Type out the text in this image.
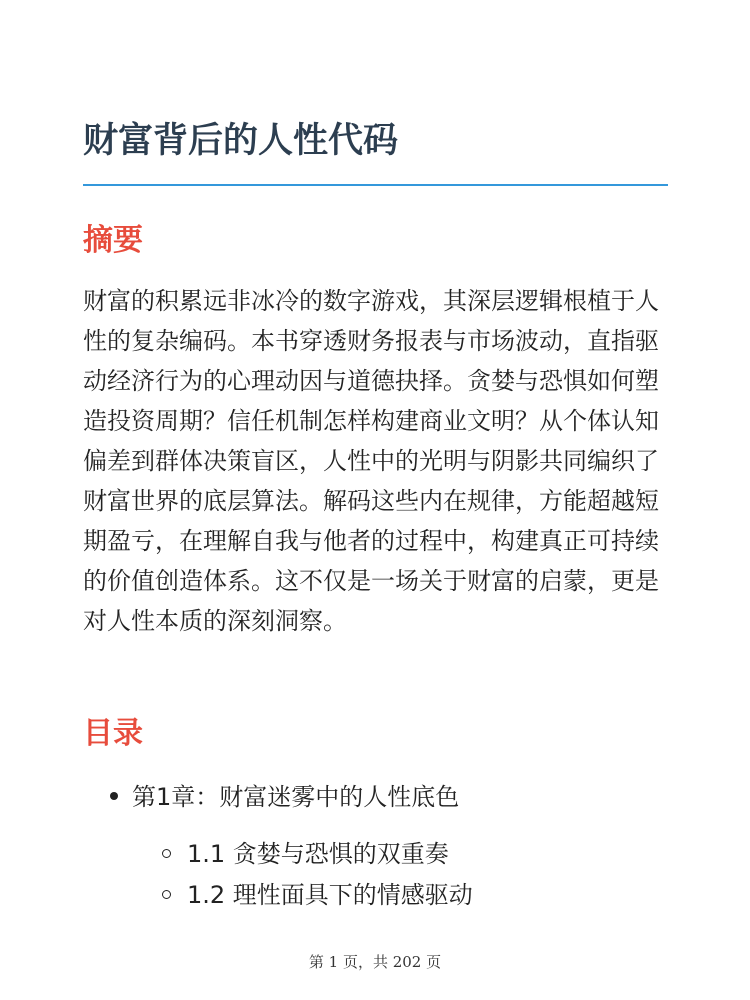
财富背后的人性代码
摘要

财富的积累远非冰冷的数字游戏，其深层逻辑根植于人性的复杂编码。本书穿透财务报表与市场波动，直指驱动经济行为的心理动因与道德抉择。贪婪与恐惧如何塑造投资周期？信任机制怎样构建商业文明？从个体认知偏差到群体决策盲区，人性中的光明与阴影共同编织了财富世界的底层算法。解码这些内在规律，方能超越短期盈亏，在理解自我与他者的过程中，构建真正可持续的价值创造体系。这不仅是一场关于财富的启蒙，更是对人性本质的深刻洞察。

目录
第1章：财富迷雾中的人性底色
1.1 贪婪与恐惧的双重奏
1.2 理性面具下的情感驱动
第 1 页，共 202 页
